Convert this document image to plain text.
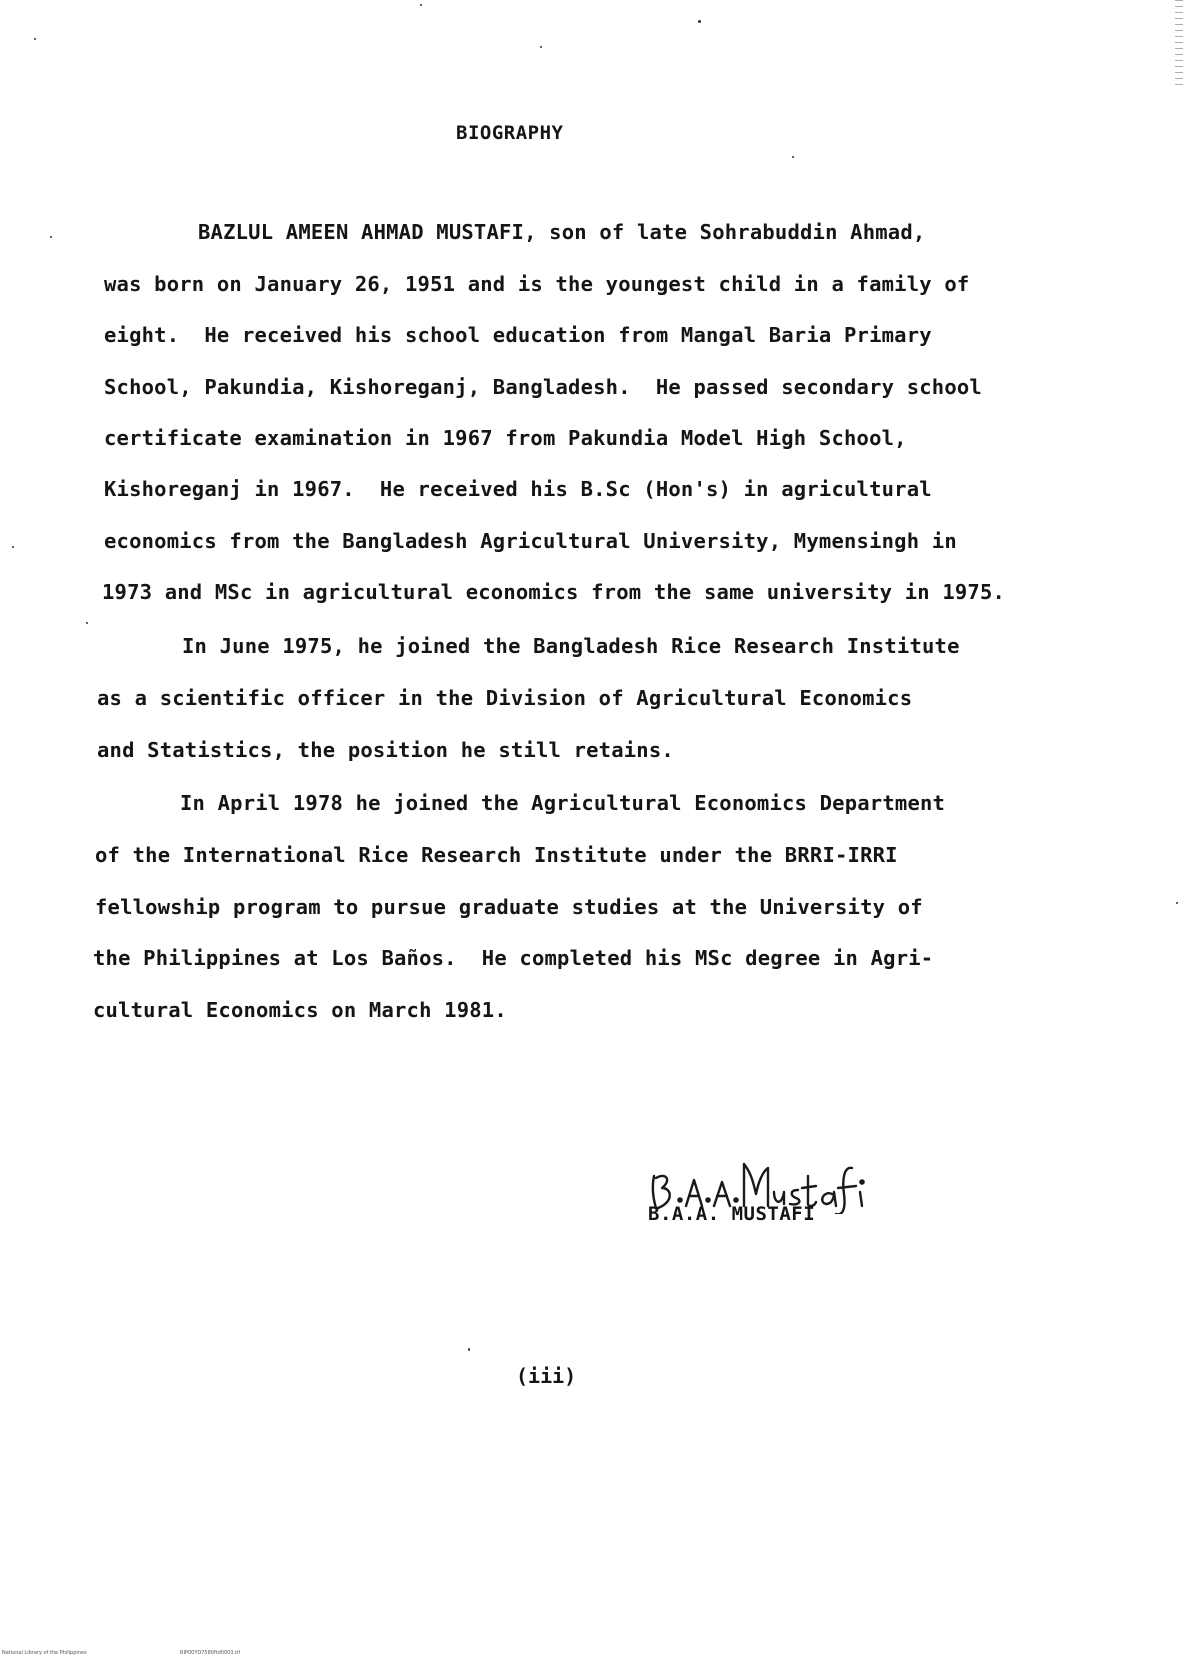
BIOGRAPHY
BAZLUL AMEEN AHMAD MUSTAFI, son of late Sohrabuddin Ahmad,
was born on January 26, 1951 and is the youngest child in a family of
eight.  He received his school education from Mangal Baria Primary
School, Pakundia, Kishoreganj, Bangladesh.  He passed secondary school
certificate examination in 1967 from Pakundia Model High School,
Kishoreganj in 1967.  He received his B.Sc (Hon's) in agricultural
economics from the Bangladesh Agricultural University, Mymensingh in
1973 and MSc in agricultural economics from the same university in 1975.
In June 1975, he joined the Bangladesh Rice Research Institute
as a scientific officer in the Division of Agricultural Economics
and Statistics, the position he still retains.
In April 1978 he joined the Agricultural Economics Department
of the International Rice Research Institute under the BRRI-IRRI
fellowship program to pursue graduate studies at the University of
the Philippines at Los Baños.  He completed his MSc degree in Agri-
cultural Economics on March 1981.
B.A.A. MUSTAFI
(iii)
National Library of the Philippines	RIP00YD7580ftd0003.tif
